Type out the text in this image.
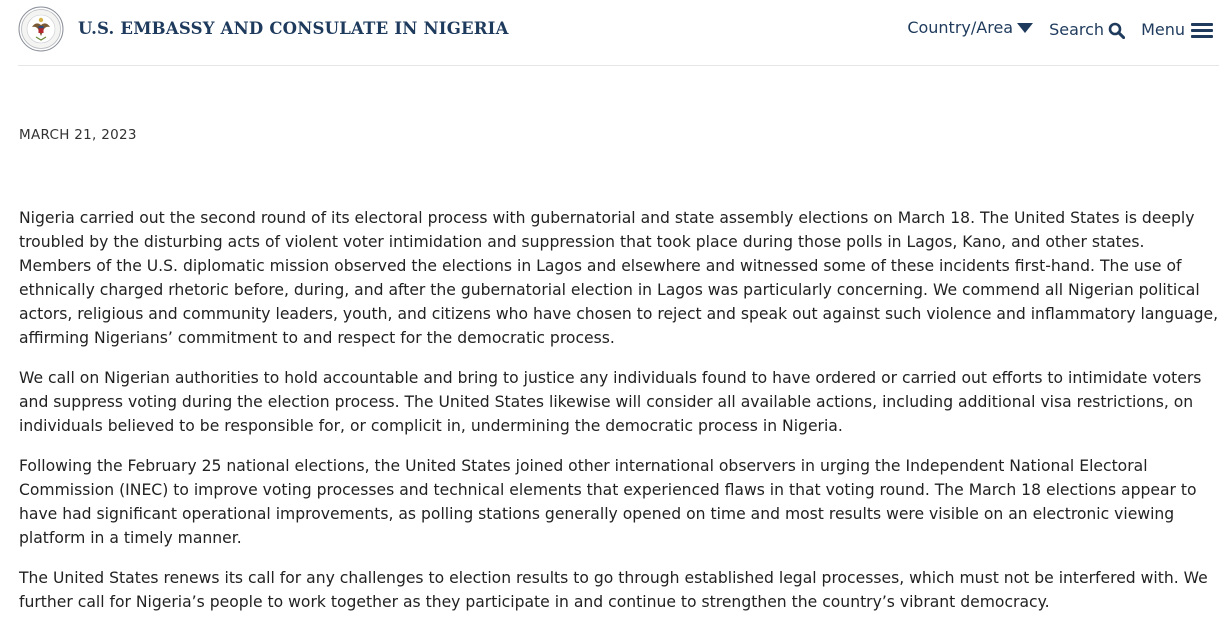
U.S. EMBASSY AND CONSULATE IN NIGERIA	Country/Area Search Menu
MARCH 21, 2023

Nigeria carried out the second round of its electoral process with gubernatorial and state assembly elections on March 18. The United States is deeply troubled by the disturbing acts of violent voter intimidation and suppression that took place during those polls in Lagos, Kano, and other states. Members of the U.S. diplomatic mission observed the elections in Lagos and elsewhere and witnessed some of these incidents first-hand. The use of ethnically charged rhetoric before, during, and after the gubernatorial election in Lagos was particularly concerning. We commend all Nigerian political actors, religious and community leaders, youth, and citizens who have chosen to reject and speak out against such violence and inflammatory language, affirming Nigerians’ commitment to and respect for the democratic process.

We call on Nigerian authorities to hold accountable and bring to justice any individuals found to have ordered or carried out efforts to intimidate voters and suppress voting during the election process. The United States likewise will consider all available actions, including additional visa restrictions, on individuals believed to be responsible for, or complicit in, undermining the democratic process in Nigeria.

Following the February 25 national elections, the United States joined other international observers in urging the Independent National Electoral Commission (INEC) to improve voting processes and technical elements that experienced flaws in that voting round. The March 18 elections appear to have had significant operational improvements, as polling stations generally opened on time and most results were visible on an electronic viewing platform in a timely manner.

The United States renews its call for any challenges to election results to go through established legal processes, which must not be interfered with. We further call for Nigeria’s people to work together as they participate in and continue to strengthen the country’s vibrant democracy.
